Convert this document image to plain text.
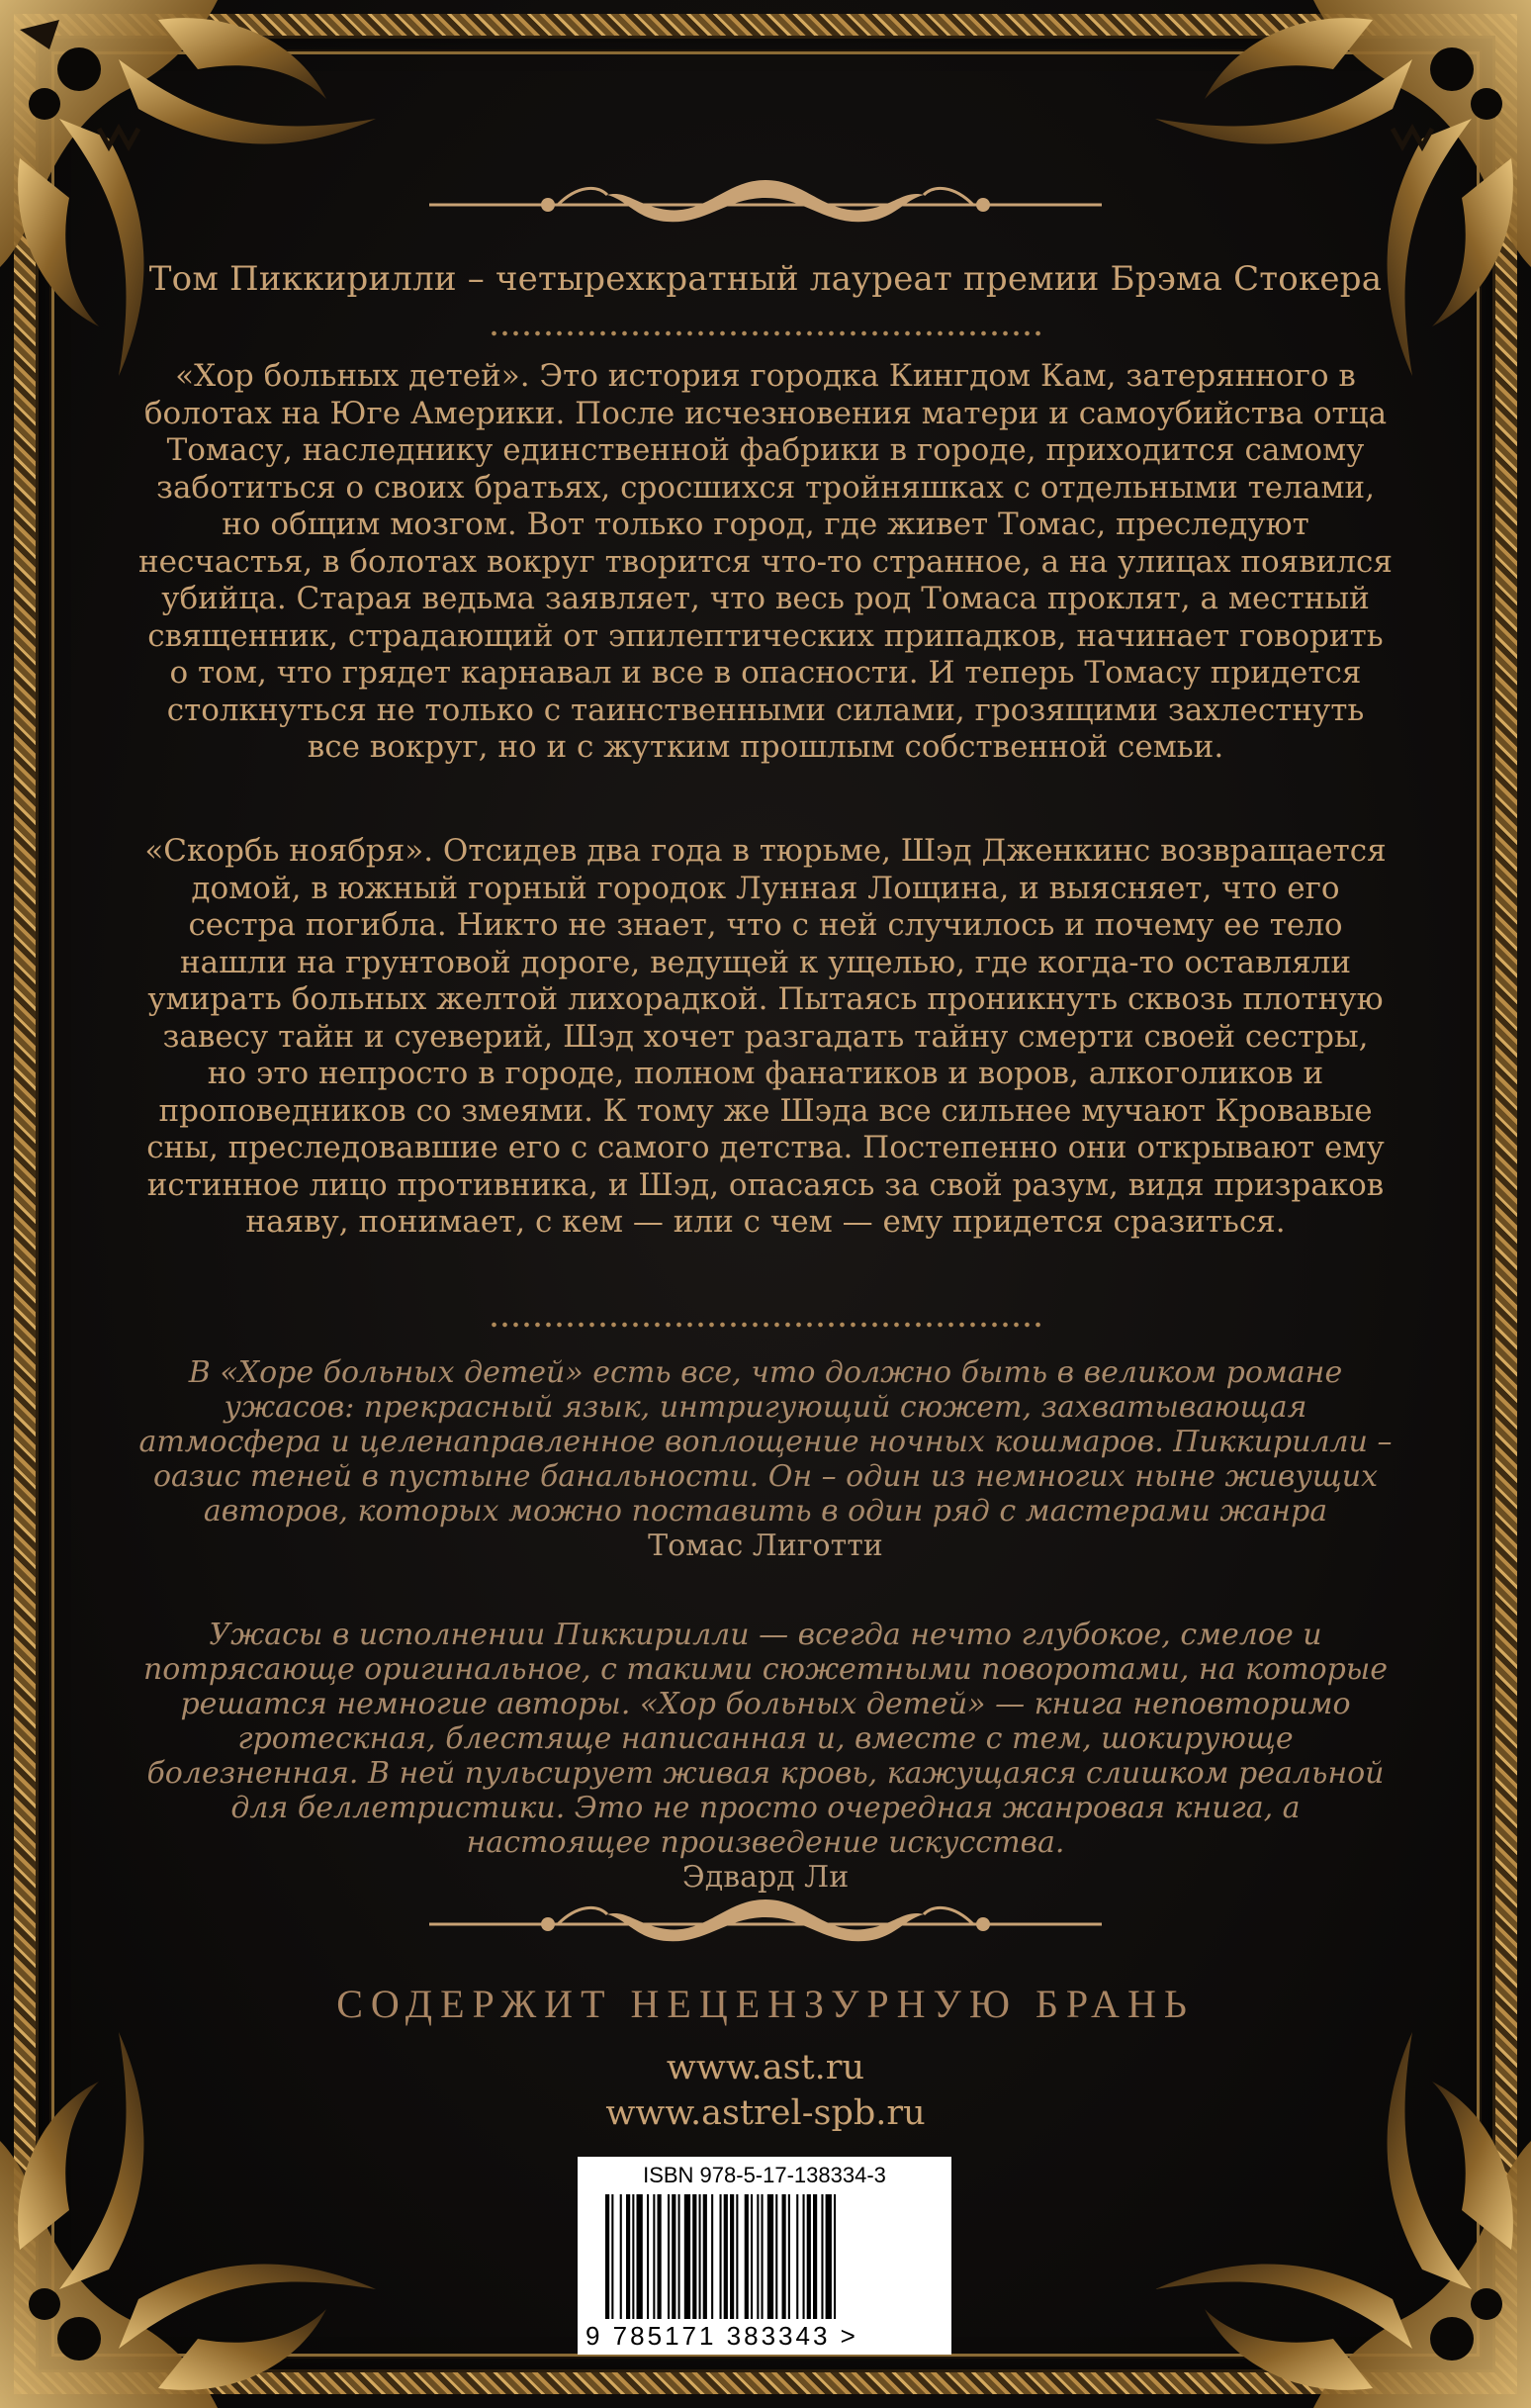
Том Пиккирилли – четырехкратный лауреат премии Брэма Стокера
«Хор больных детей». Это история городка Кингдом Кам, затерянного в болотах на Юге Америки. После исчезновения матери и самоубийства отца Томасу, наследнику единственной фабрики в городе, приходится самому заботиться о своих братьях, сросшихся тройняшках с отдельными телами, но общим мозгом. Вот только город, где живет Томас, преследуют несчастья, в болотах вокруг творится что-то странное, а на улицах появился убийца. Старая ведьма заявляет, что весь род Томаса проклят, а местный священник, страдающий от эпилептических припадков, начинает говорить о том, что грядет карнавал и все в опасности. И теперь Томасу придется столкнуться не только с таинственными силами, грозящими захлестнуть все вокруг, но и с жутким прошлым собственной семьи.
«Скорбь ноября». Отсидев два года в тюрьме, Шэд Дженкинс возвращается домой, в южный горный городок Лунная Лощина, и выясняет, что его сестра погибла. Никто не знает, что с ней случилось и почему ее тело нашли на грунтовой дороге, ведущей к ущелью, где когда-то оставляли умирать больных желтой лихорадкой. Пытаясь проникнуть сквозь плотную завесу тайн и суеверий, Шэд хочет разгадать тайну смерти своей сестры, но это непросто в городе, полном фанатиков и воров, алкоголиков и проповедников со змеями. К тому же Шэда все сильнее мучают Кровавые сны, преследовавшие его с самого детства. Постепенно они открывают ему истинное лицо противника, и Шэд, опасаясь за свой разум, видя призраков наяву, понимает, с кем — или с чем — ему придется сразиться.
В «Хоре больных детей» есть все, что должно быть в великом романе ужасов: прекрасный язык, интригующий сюжет, захватывающая атмосфера и целенаправленное воплощение ночных кошмаров. Пиккирилли – оазис теней в пустыне банальности. Он – один из немногих ныне живущих авторов, которых можно поставить в один ряд с мастерами жанра
Томас Лиготти
Ужасы в исполнении Пиккирилли — всегда нечто глубокое, смелое и потрясающе оригинальное, с такими сюжетными поворотами, на которые решатся немногие авторы. «Хор больных детей» — книга неповторимо гротескная, блестяще написанная и, вместе с тем, шокирующе болезненная. В ней пульсирует живая кровь, кажущаяся слишком реальной для беллетристики. Это не просто очередная жанровая книга, а настоящее произведение искусства.
Эдвард Ли
СОДЕРЖИТ НЕЦЕНЗУРНУЮ БРАНЬ
www.ast.ru
www.astrel-spb.ru
ISBN 978-5-17-138334-3
9 785171 383343 >
